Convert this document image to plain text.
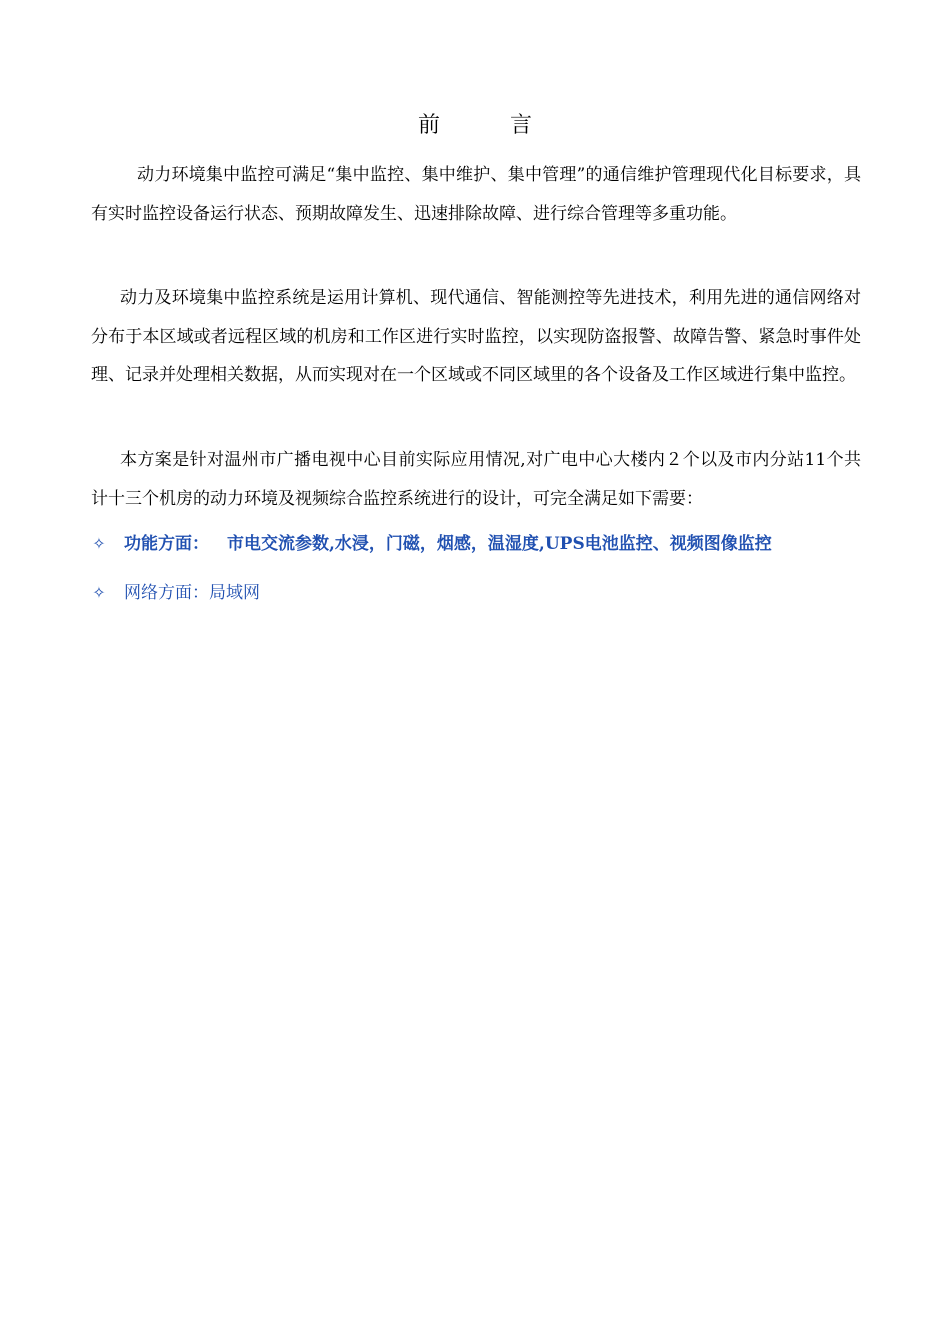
前　言

动力环境集中监控可满足“集中监控、集中维护、集中管理”的通信维护管理现代化目标要求，具有实时监控设备运行状态、预期故障发生、迅速排除故障、进行综合管理等多重功能。

动力及环境集中监控系统是运用计算机、现代通信、智能测控等先进技术，利用先进的通信网络对分布于本区域或者远程区域的机房和工作区进行实时监控，以实现防盗报警、故障告警、紧急时事件处理、记录并处理相关数据，从而实现对在一个区域或不同区域里的各个设备及工作区域进行集中监控。

本方案是针对温州市广播电视中心目前实际应用情况,对广电中心大楼内２个以及市内分站11个共计十三个机房的动力环境及视频综合监控系统进行的设计，可完全满足如下需要：

✧ 功能方面： 市电交流参数,水浸，门磁，烟感，温湿度,UPS电池监控、视频图像监控
✧ 网络方面：局域网
